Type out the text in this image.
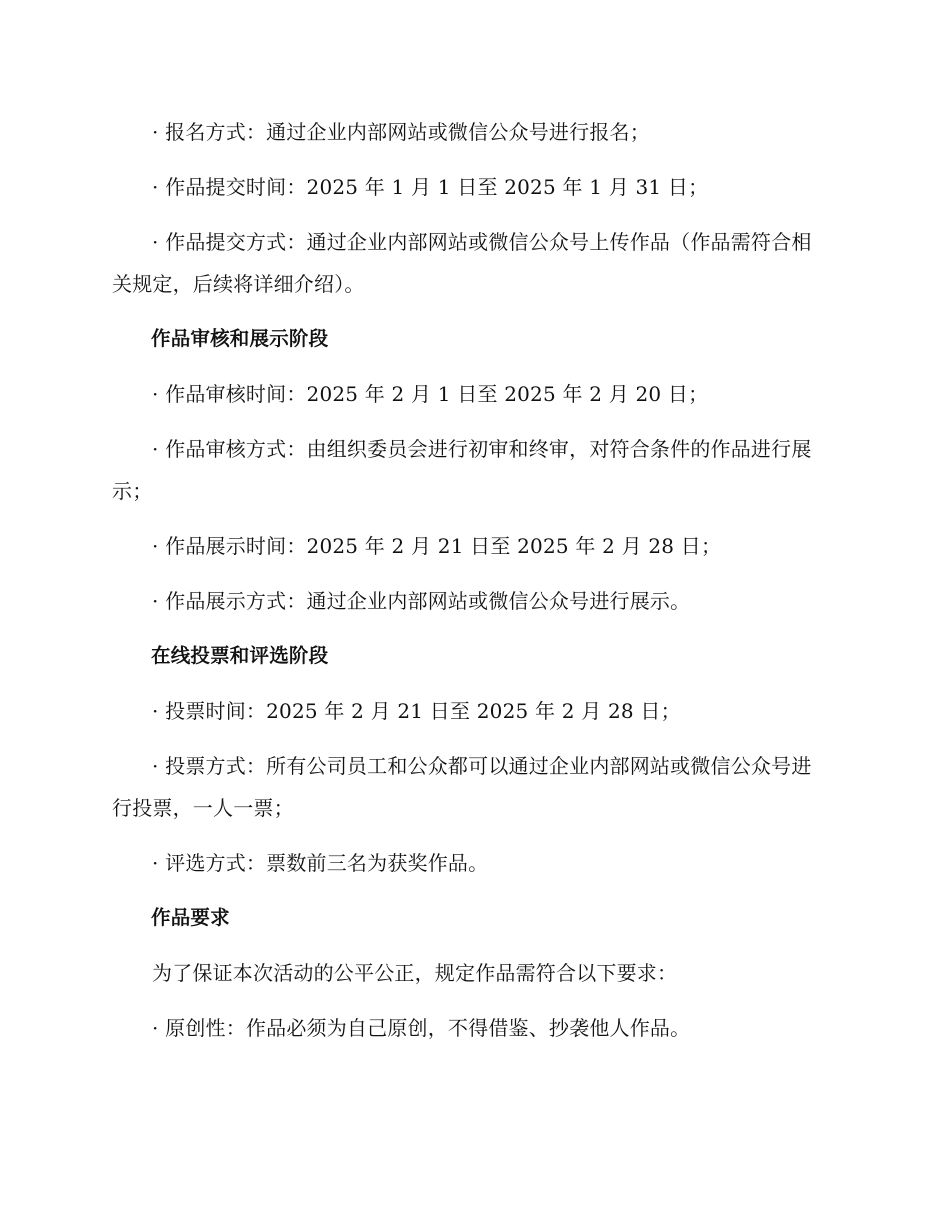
· 报名方式：通过企业内部网站或微信公众号进行报名；

· 作品提交时间：2025 年 1 月 1 日至 2025 年 1 月 31 日；

· 作品提交方式：通过企业内部网站或微信公众号上传作品（作品需符合相关规定，后续将详细介绍）。

作品审核和展示阶段

· 作品审核时间：2025 年 2 月 1 日至 2025 年 2 月 20 日；

· 作品审核方式：由组织委员会进行初审和终审，对符合条件的作品进行展示；

· 作品展示时间：2025 年 2 月 21 日至 2025 年 2 月 28 日；

· 作品展示方式：通过企业内部网站或微信公众号进行展示。

在线投票和评选阶段

· 投票时间：2025 年 2 月 21 日至 2025 年 2 月 28 日；

· 投票方式：所有公司员工和公众都可以通过企业内部网站或微信公众号进行投票，一人一票；

· 评选方式：票数前三名为获奖作品。

作品要求

为了保证本次活动的公平公正，规定作品需符合以下要求：

· 原创性：作品必须为自己原创，不得借鉴、抄袭他人作品。
